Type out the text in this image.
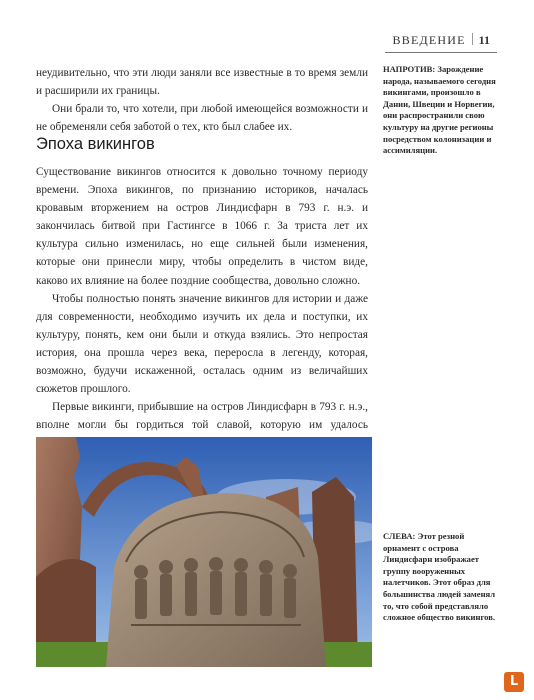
ВВЕДЕНИЕ 11

неудивительно, что эти люди заняли все известные в то время земли и расширили их границы.

Они брали то, что хотели, при любой имеющейся возможности и не обременяли себя заботой о тех, кто был слабее их.

Эпоха викингов

Существование викингов относится к довольно точному периоду времени. Эпоха викингов, по признанию историков, началась кровавым вторжением на остров Линдисфарн в 793 г. н.э. и закончилась битвой при Гастингсе в 1066 г. За триста лет их культура сильно изменилась, но еще сильней были изменения, которые они принесли миру, чтобы определить в чистом виде, каково их влияние на более поздние сообщества, довольно сложно.

Чтобы полностью понять значение викингов для истории и даже для современности, необходимо изучить их дела и поступки, их культуру, понять, кем они были и откуда взялись. Это непростая история, она прошла через века, переросла в легенду, которая, возможно, будучи искаженной, осталась одним из величайших сюжетов прошлого.

Первые викинги, прибывшие на остров Линдисфарн в 793 г. н.э., вполне могли бы гордиться той славой, которую им удалось

НАПРОТИВ: Зарождение народа, называемого сегодня викингами, произошло в Дании, Швеции и Норвегии, они распространили свою культуру на другие регионы посредством колонизации и ассимиляции.
СЛЕВА: Этот резной орнамент с острова Линдисфарн изображает группу вооруженных налетчиков. Этот образ для большинства людей заменял то, что собой представляло сложное общество викингов.
L
